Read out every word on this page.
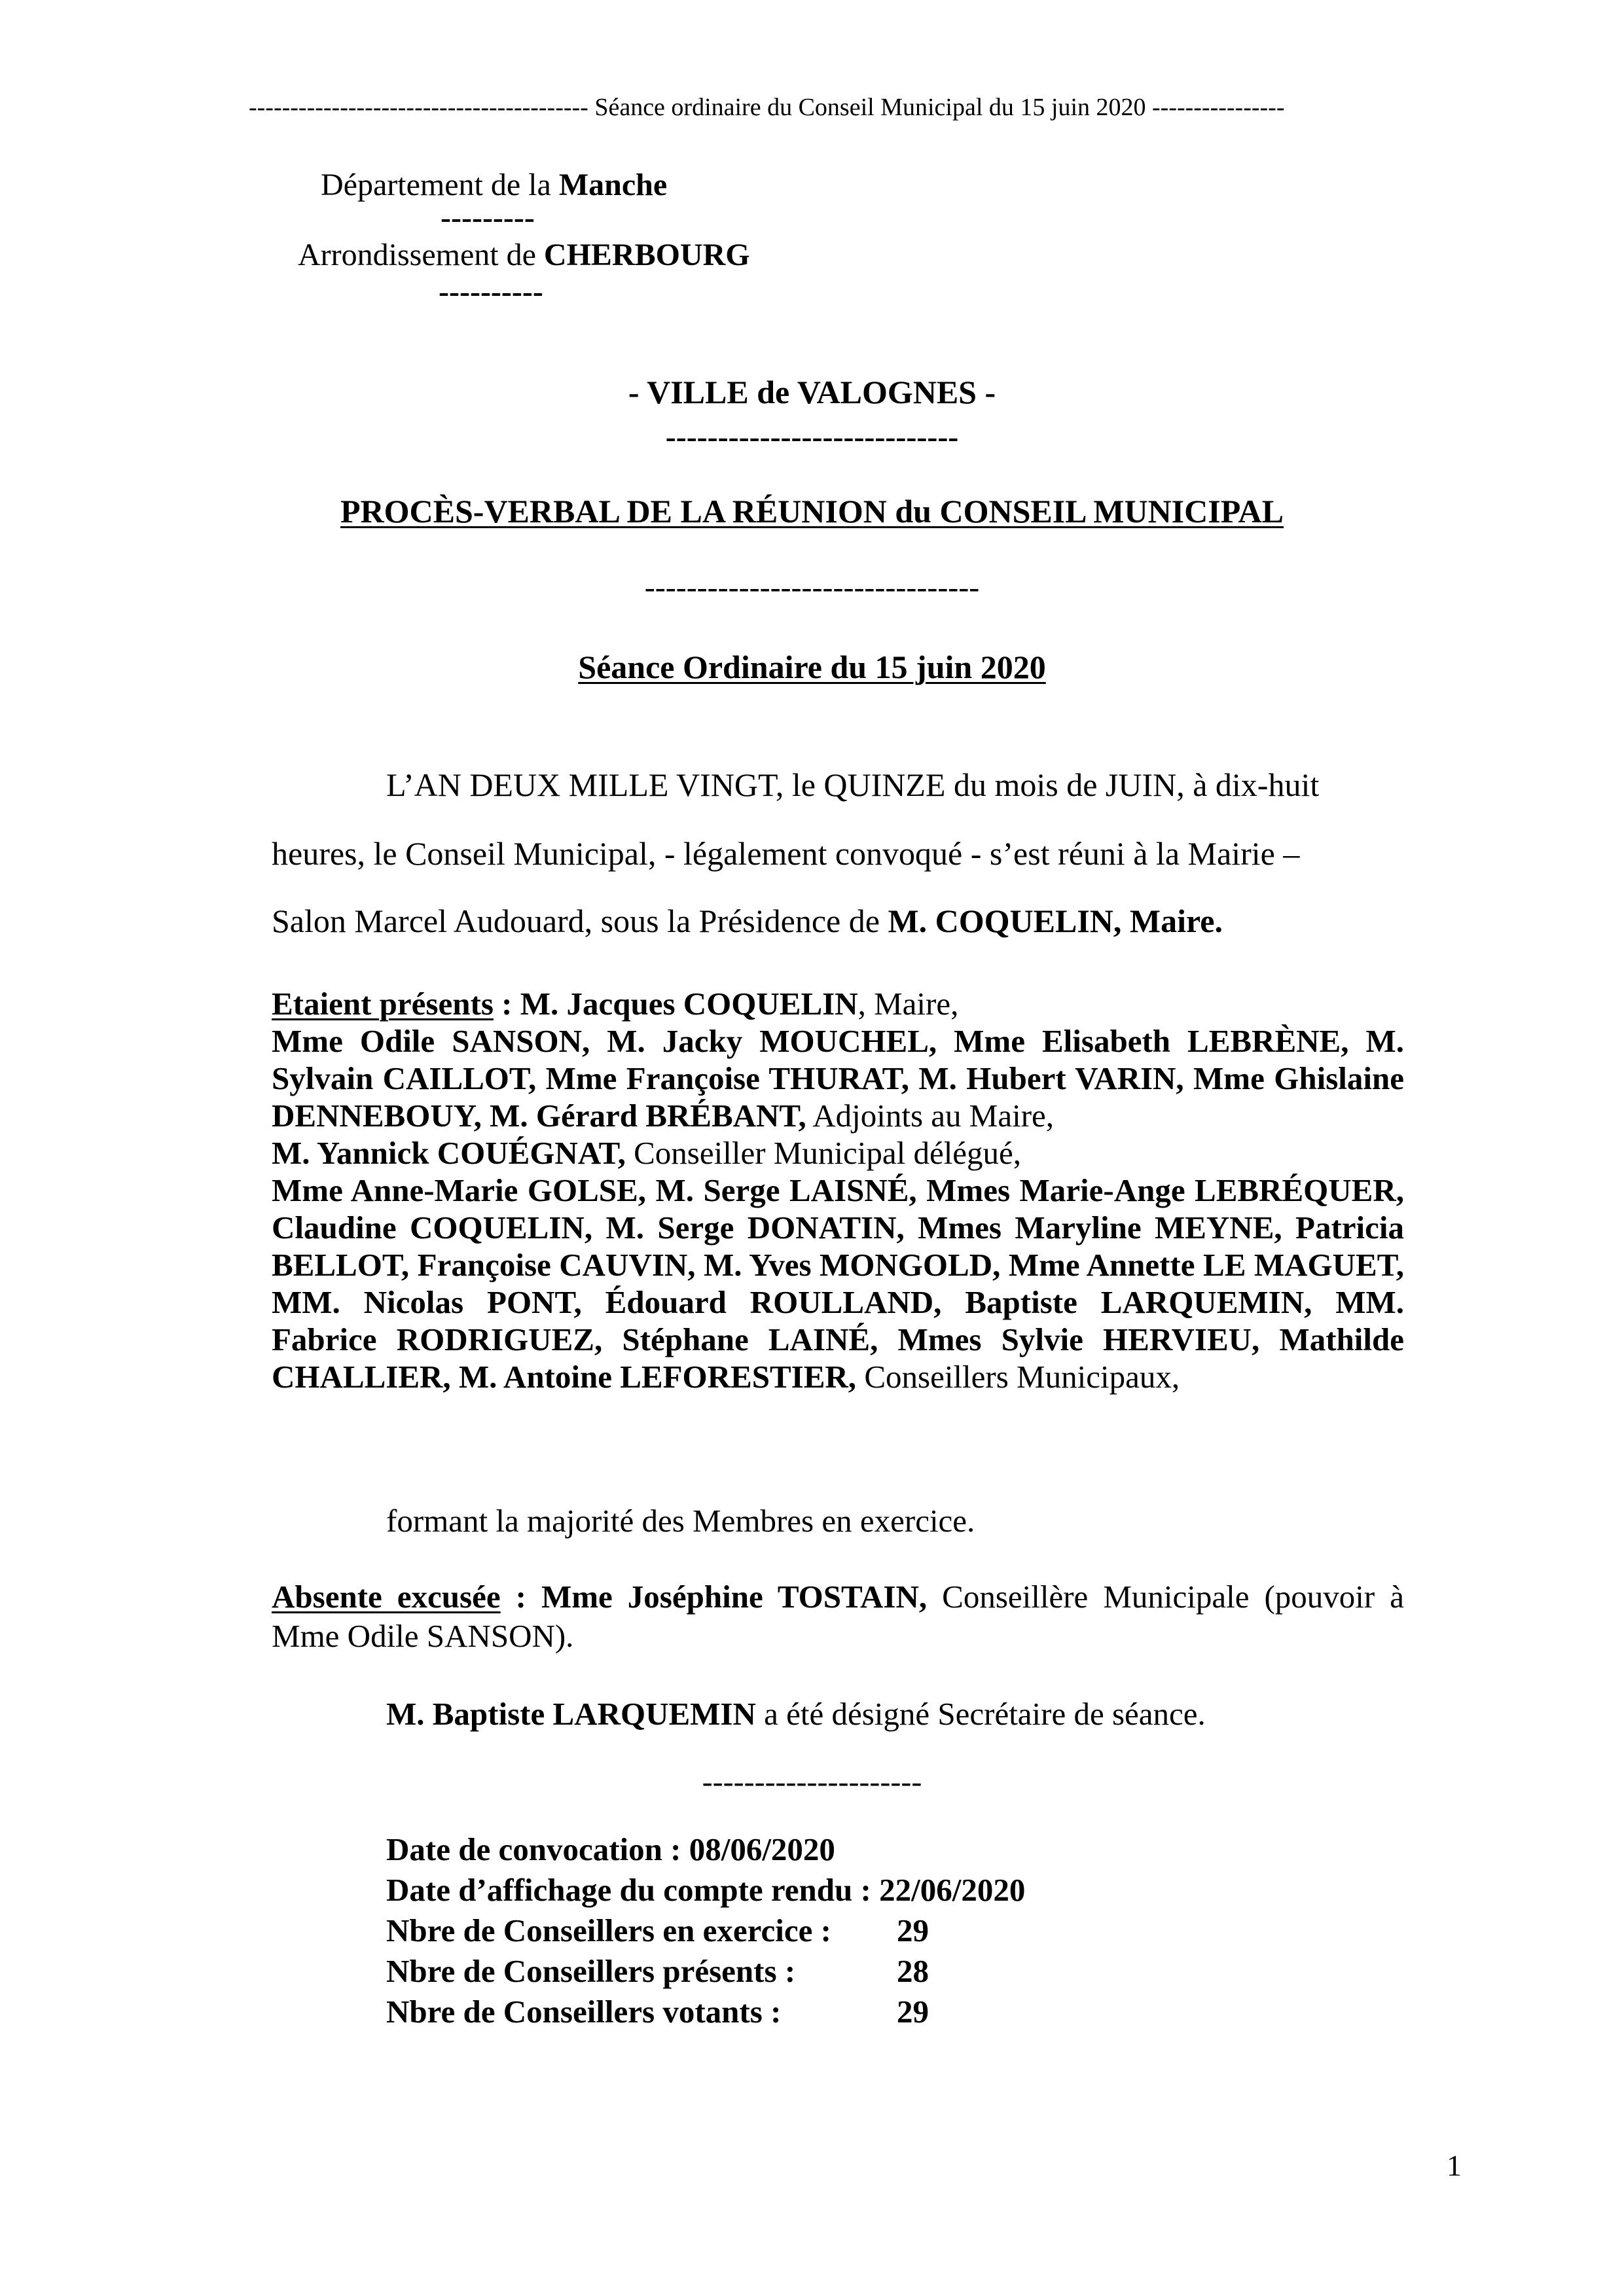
----------------------------------------- Séance ordinaire du Conseil Municipal du 15 juin 2020 ----------------
Département de la Manche
---------
Arrondissement de CHERBOURG
----------
- VILLE de VALOGNES -
----------------------------
PROCÈS-VERBAL DE LA RÉUNION du CONSEIL MUNICIPAL
--------------------------------
Séance Ordinaire du 15 juin 2020
L’AN DEUX MILLE VINGT, le QUINZE du mois de JUIN, à dix-huit
heures, le Conseil Municipal, - légalement convoqué - s’est réuni à la Mairie –
Salon Marcel Audouard, sous la Présidence de M. COQUELIN, Maire.
Etaient présents : M. Jacques COQUELIN, Maire,
Mme Odile SANSON, M. Jacky MOUCHEL, Mme Elisabeth LEBRÈNE, M. Sylvain CAILLOT, Mme Françoise THURAT, M. Hubert VARIN, Mme Ghislaine DENNEBOUY, M. Gérard BRÉBANT, Adjoints au Maire,
M. Yannick COUÉGNAT, Conseiller Municipal délégué,
Mme Anne-Marie GOLSE, M. Serge LAISNÉ, Mmes Marie-Ange LEBRÉQUER, Claudine COQUELIN, M. Serge DONATIN, Mmes Maryline MEYNE, Patricia BELLOT, Françoise CAUVIN, M. Yves MONGOLD, Mme Annette LE MAGUET, MM. Nicolas PONT, Édouard ROULLAND, Baptiste LARQUEMIN, MM. Fabrice RODRIGUEZ, Stéphane LAINÉ, Mmes Sylvie HERVIEU, Mathilde CHALLIER, M. Antoine LEFORESTIER, Conseillers Municipaux,
formant la majorité des Membres en exercice.
Absente excusée : Mme Joséphine TOSTAIN, Conseillère Municipale (pouvoir à Mme Odile SANSON).
M. Baptiste LARQUEMIN a été désigné Secrétaire de séance.
---------------------
Date de convocation : 08/06/2020
Date d’affichage du compte rendu : 22/06/2020
Nbre de Conseillers en exercice :	29
Nbre de Conseillers présents :	28
Nbre de Conseillers votants :	29
1
